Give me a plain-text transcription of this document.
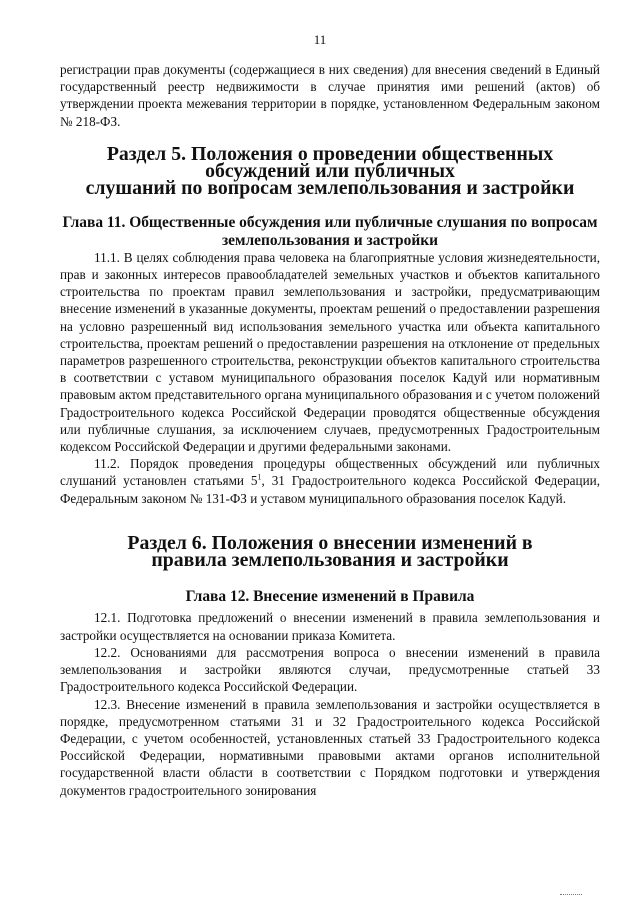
11

регистрации прав документы (содержащиеся в них сведения) для внесения сведений в Единый государственный реестр недвижимости в случае принятия ими решений (актов) об утверждении проекта межевания территории в порядке, установленном Федеральным законом № 218-ФЗ.

Раздел 5. Положения о проведении общественных обсуждений или публичных
слушаний по вопросам землепользования и застройки
Глава 11. Общественные обсуждения или публичные слушания по вопросам
землепользования и застройки

11.1. В целях соблюдения права человека на благоприятные условия жизнедеятельности, прав и законных интересов правообладателей земельных участков и объектов капитального строительства по проектам правил землепользования и застройки, предусматривающим внесение изменений в указанные документы, проектам решений о предоставлении разрешения на условно разрешенный вид использования земельного участка или объекта капитального строительства, проектам решений о предоставлении разрешения на отклонение от предельных параметров разрешенного строительства, реконструкции объектов капитального строительства в соответствии с уставом муниципального образования поселок Кадуй или нормативным правовым актом представительного органа муниципального образования и с учетом положений Градостроительного кодекса Российской Федерации проводятся общественные обсуждения или публичные слушания, за исключением случаев, предусмотренных Градостроительным кодексом Российской Федерации и другими федеральными законами.

11.2. Порядок проведения процедуры общественных обсуждений или публичных слушаний установлен статьями $5^1$, 31 Градостроительного кодекса Российской Федерации, Федеральным законом № 131-ФЗ и уставом муниципального образования поселок Кадуй.

Раздел 6. Положения о внесении изменений в
правила землепользования и застройки
Глава 12. Внесение изменений в Правила

12.1. Подготовка предложений о внесении изменений в правила землепользования и застройки осуществляется на основании приказа Комитета.

12.2. Основаниями для рассмотрения вопроса о внесении изменений в правила землепользования и застройки являются случаи, предусмотренные статьей 33 Градостроительного кодекса Российской Федерации.

12.3. Внесение изменений в правила землепользования и застройки осуществляется в порядке, предусмотренном статьями 31 и 32 Градостроительного кодекса Российской Федерации, с учетом особенностей, установленных статьей 33 Градостроительного кодекса Российской Федерации, нормативными правовыми актами органов исполнительной государственной власти области в соответствии с Порядком подготовки и утверждения документов градостроительного зонирования
